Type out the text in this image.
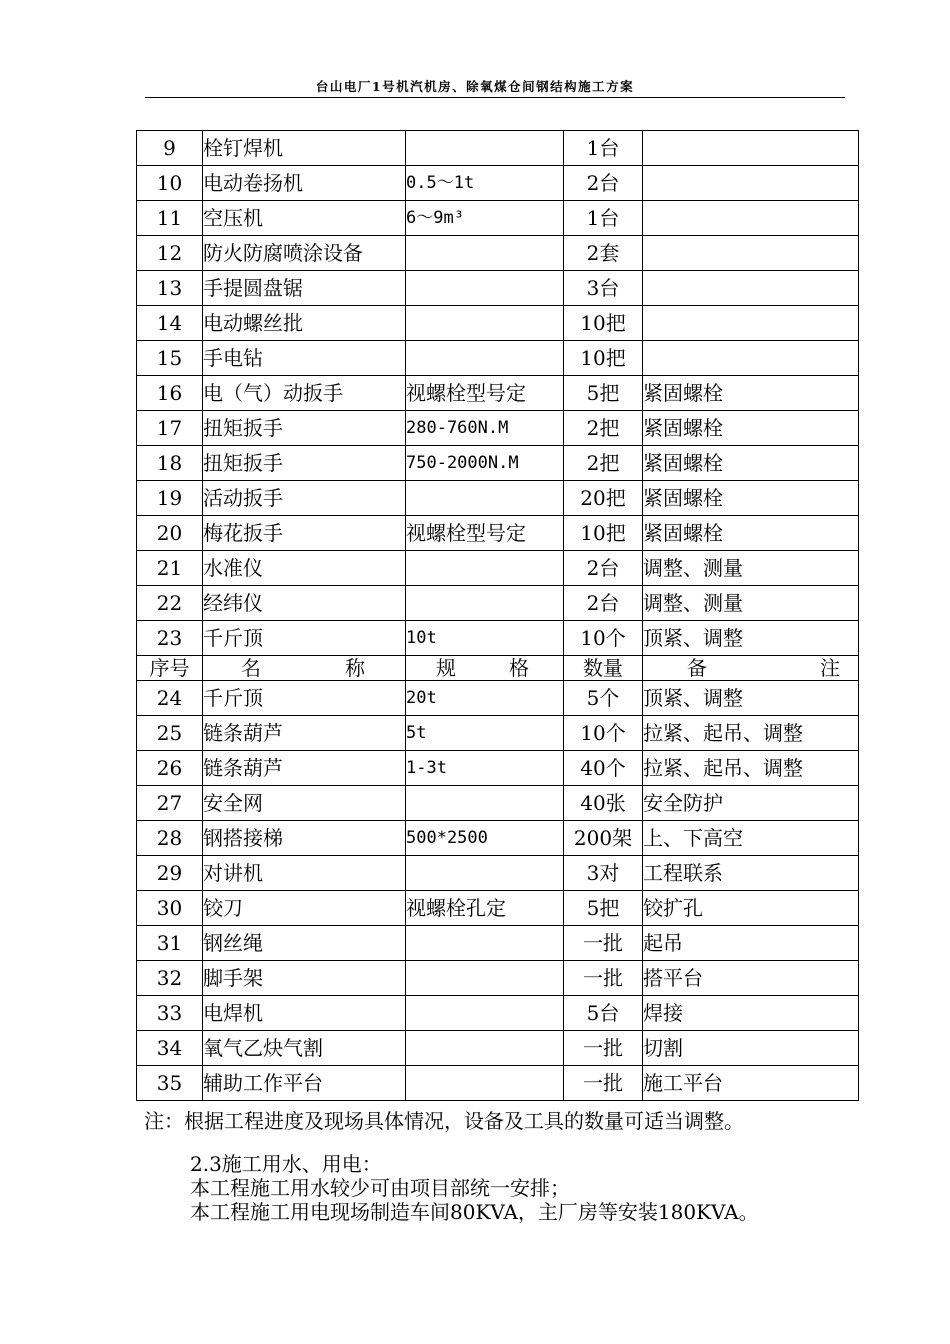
台山电厂1号机汽机房、除氧煤仓间钢结构施工方案
9	栓钉焊机		1台	
10	电动卷扬机	0.5～1t	2台	
11	空压机	6～9m³	1台	
12	防火防腐喷涂设备		2套	
13	手提圆盘锯		3台	
14	电动螺丝批		10把	
15	手电钻		10把	
16	电（气）动扳手	视螺栓型号定	5把	紧固螺栓
17	扭矩扳手	280-760N.M	2把	紧固螺栓
18	扭矩扳手	750-2000N.M	2把	紧固螺栓
19	活动扳手		20把	紧固螺栓
20	梅花扳手	视螺栓型号定	10把	紧固螺栓
21	水准仪		2台	调整、测量
22	经纬仪		2台	调整、测量
23	千斤顶	10t	10个	顶紧、调整
序号	名 称	规 格	数量	备 注

24	千斤顶	20t	5个	顶紧、调整
25	链条葫芦	5t	10个	拉紧、起吊、调整
26	链条葫芦	1-3t	40个	拉紧、起吊、调整
27	安全网		40张	安全防护
28	钢搭接梯	500*2500	200架	上、下高空
29	对讲机		3对	工程联系
30	铰刀	视螺栓孔定	5把	铰扩孔
31	钢丝绳		一批	起吊
32	脚手架		一批	搭平台
33	电焊机		5台	焊接
34	氧气乙炔气割		一批	切割
35	辅助工作平台		一批	施工平台
注：根据工程进度及现场具体情况，设备及工具的数量可适当调整。
2.3施工用水、用电：
本工程施工用水较少可由项目部统一安排；
本工程施工用电现场制造车间80KVA，主厂房等安装180KVA。
